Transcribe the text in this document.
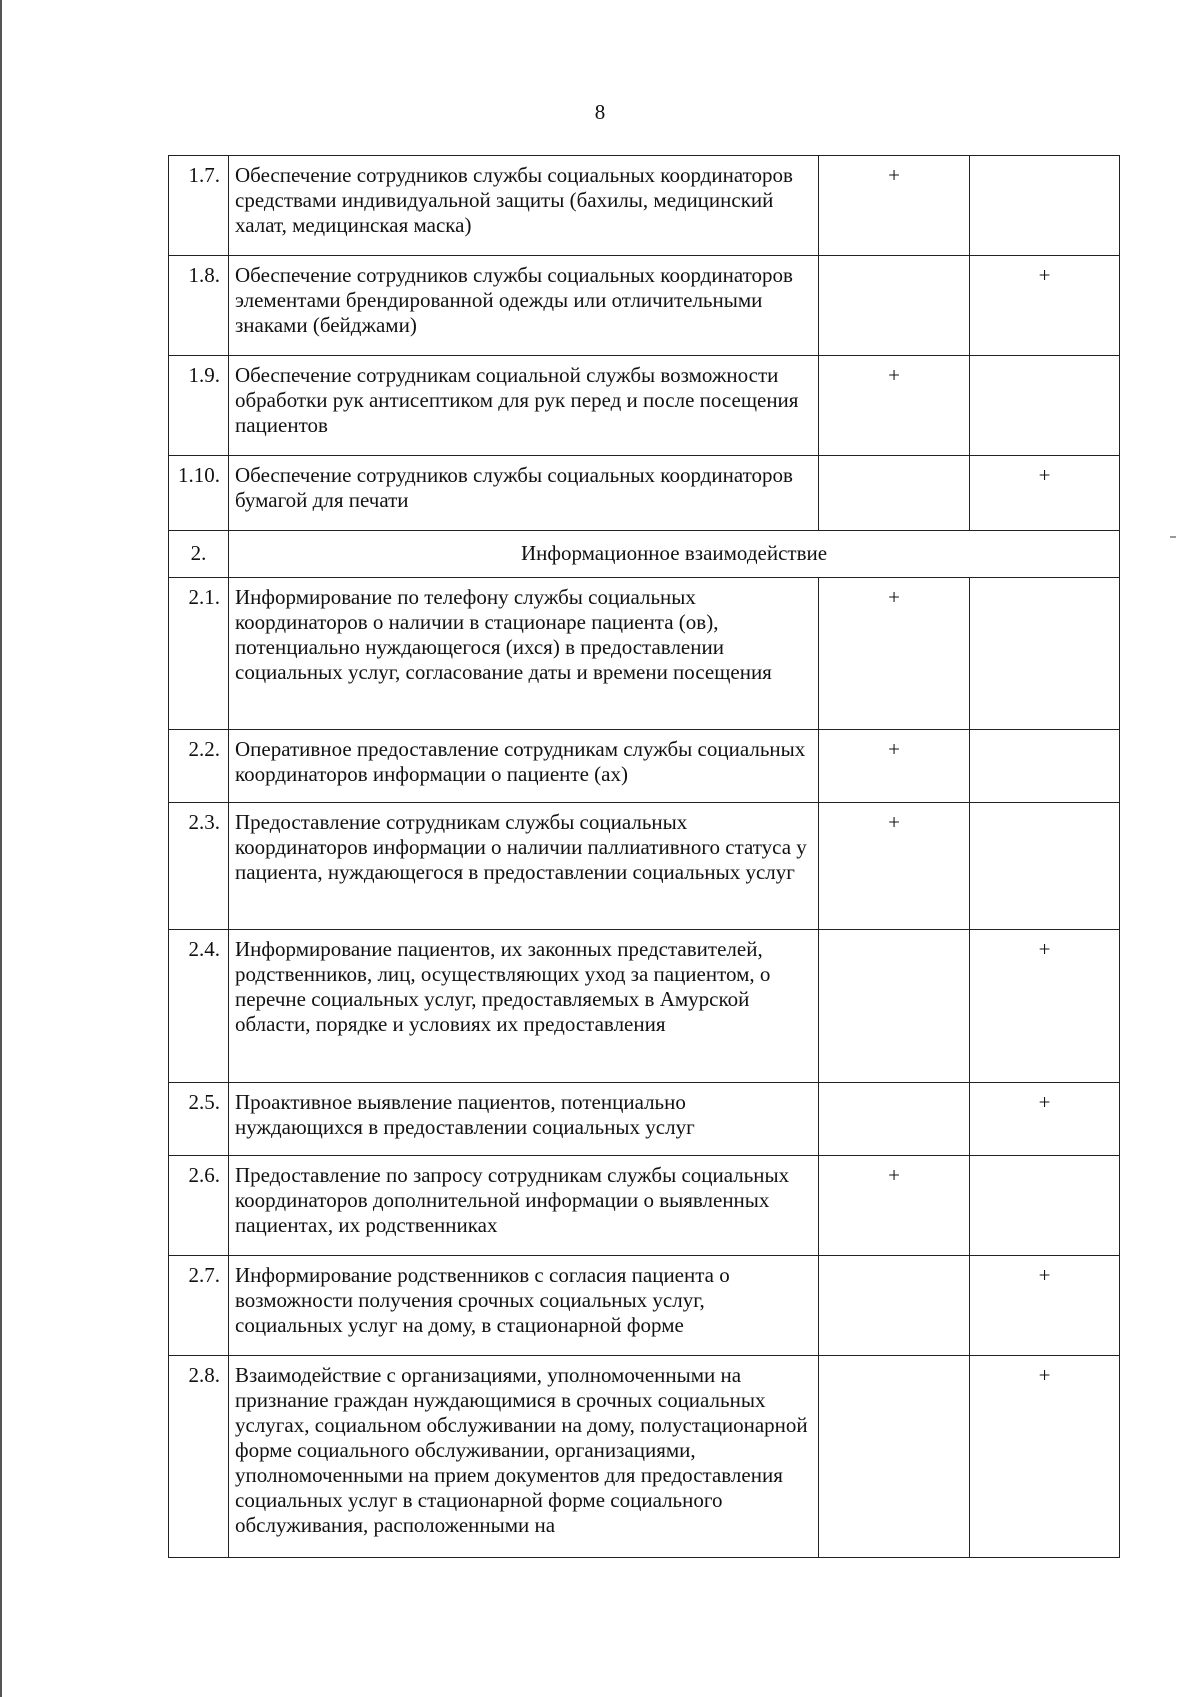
8
1.7.	Обеспечение сотрудников службы социальных координаторов средствами индивидуальной защиты (бахилы, медицинский халат, медицинская маска)	+	
1.8.	Обеспечение сотрудников службы социальных координаторов элементами брендированной одежды или отличительными знаками (бейджами)		+
1.9.	Обеспечение сотрудникам социальной службы возможности обработки рук антисептиком для рук перед и после посещения пациентов	+	
1.10.	Обеспечение сотрудников службы социальных координаторов бумагой для печати		+
2.	Информационное взаимодействие		
2.1.	Информирование по телефону службы социальных координаторов о наличии в стационаре пациента (ов), потенциально нуждающегося (ихся) в предоставлении социальных услуг, согласование даты и времени посещения	+	
2.2.	Оперативное предоставление сотрудникам службы социальных координаторов информации о пациенте (ах)	+	
2.3.	Предоставление сотрудникам службы социальных координаторов информации о наличии паллиативного статуса у пациента, нуждающегося в предоставлении социальных услуг	+	
2.4.	Информирование пациентов, их законных представителей, родственников, лиц, осуществляющих уход за пациентом, о перечне социальных услуг, предоставляемых в Амурской области, порядке и условиях их предоставления		+
2.5.	Проактивное выявление пациентов, потенциально нуждающихся в предоставлении социальных услуг		+
2.6.	Предоставление по запросу сотрудникам службы социальных координаторов дополнительной информации о выявленных пациентах, их родственниках	+	
2.7.	Информирование родственников с согласия пациента о возможности получения срочных социальных услуг, социальных услуг на дому, в стационарной форме		+
2.8.	Взаимодействие с организациями, уполномоченными на признание граждан нуждающимися в срочных социальных услугах, социальном обслуживании на дому, полустационарной форме социального обслуживании, организациями, уполномоченными на прием документов для предоставления социальных услуг в стационарной форме социального обслуживания, расположенными на		+
